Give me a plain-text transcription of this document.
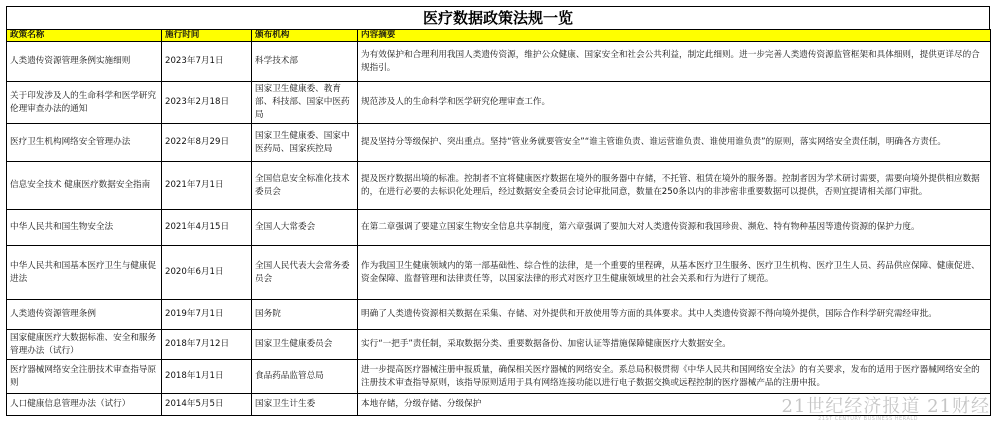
医疗数据政策法规一览
政策名称	施行时间	颁布机构	内容摘要
人类遗传资源管理条例实施细则	2023年7月1日	科学技术部	为有效保护和合理利用我国人类遗传资源，维护公众健康、国家安全和社会公共利益，制定此细则。进一步完善人类遗传资源监管框架和具体细则，提供更详尽的合规指引。
关于印发涉及人的生命科学和医学研究伦理审查办法的通知	2023年2月18日	国家卫生健康委、教育部、科技部、国家中医药局	规范涉及人的生命科学和医学研究伦理审查工作。
医疗卫生机构网络安全管理办法	2022年8月29日	国家卫生健康委、国家中医药局、国家疾控局	提及坚持分等级保护、突出重点。坚持“管业务就要管安全”“谁主管谁负责、谁运营谁负责、谁使用谁负责”的原则，落实网络安全责任制，明确各方责任。
信息安全技术 健康医疗数据安全指南	2021年7月1日	全国信息安全标准化技术委员会	提及医疗数据出境的标准。控制者不宜将健康医疗数据在境外的服务器中存储，不托管、租赁在境外的服务器。控制者因为学术研讨需要，需要向境外提供相应数据的，在进行必要的去标识化处理后，经过数据安全委员会讨论审批同意，数量在250条以内的非涉密非重要数据可以提供，否则宜提请相关部门审批。
中华人民共和国生物安全法	2021年4月15日	全国人大常委会	在第二章强调了要建立国家生物安全信息共享制度，第六章强调了要加大对人类遗传资源和我国珍贵、濒危、特有物种基因等遗传资源的保护力度。
中华人民共和国基本医疗卫生与健康促进法	2020年6月1日	全国人民代表大会常务委员会	作为我国卫生健康领域内的第一部基础性、综合性的法律，是一个重要的里程碑，从基本医疗卫生服务、医疗卫生机构、医疗卫生人员、药品供应保障、健康促进、资金保障、监督管理和法律责任等，以国家法律的形式对医疗卫生健康领域里的社会关系和行为进行了规范。
人类遗传资源管理条例	2019年7月1日	国务院	明确了人类遗传资源相关数据在采集、存储、对外提供和开放使用等方面的具体要求。其中人类遗传资源不得向境外提供，国际合作科学研究需经审批。
国家健康医疗大数据标准、安全和服务管理办法（试行）	2018年7月12日	国家卫生健康委员会	实行“一把手”责任制，采取数据分类、重要数据备份、加密认证等措施保障健康医疗大数据安全。
医疗器械网络安全注册技术审查指导原则	2018年1月1日	食品药品监管总局	进一步提高医疗器械注册申报质量，确保相关医疗器械的网络安全。系总局积极贯彻《中华人民共和国网络安全法》的有关要求，发布的适用于医疗器械网络安全的注册技术审查指导原则，该指导原则适用于具有网络连接功能以进行电子数据交换或远程控制的医疗器械产品的注册申报。
人口健康信息管理办法（试行）	2014年5月5日	国家卫生计生委	本地存储，分级存储、分级保护	21世纪经济报道 21财经
21ST CENTURY BUSINESS HERALD
